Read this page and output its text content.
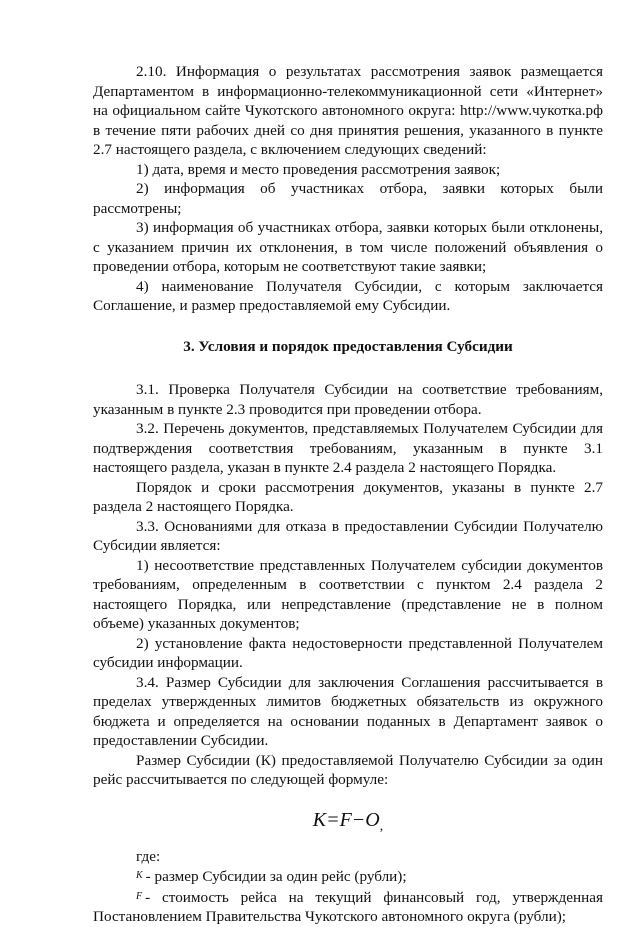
2.10. Информация о результатах рассмотрения заявок размещается Департаментом в информационно-телекоммуникационной сети «Интернет» на официальном сайте Чукотского автономного округа: http://www.чукотка.рф в течение пяти рабочих дней со дня принятия решения, указанного в пункте 2.7 настоящего раздела, с включением следующих сведений:

1) дата, время и место проведения рассмотрения заявок;

2) информация об участниках отбора, заявки которых были рассмотрены;

3) информация об участниках отбора, заявки которых были отклонены, с указанием причин их отклонения, в том числе положений объявления о проведении отбора, которым не соответствуют такие заявки;

4) наименование Получателя Субсидии, с которым заключается Соглашение, и размер предоставляемой ему Субсидии.

3. Условия и порядок предоставления Субсидии

3.1. Проверка Получателя Субсидии на соответствие требованиям, указанным в пункте 2.3 проводится при проведении отбора.

3.2. Перечень документов, представляемых Получателем Субсидии для подтверждения соответствия требованиям, указанным в пункте 3.1 настоящего раздела, указан в пункте 2.4 раздела 2 настоящего Порядка.

Порядок и сроки рассмотрения документов, указаны в пункте 2.7 раздела 2 настоящего Порядка.

3.3. Основаниями для отказа в предоставлении Субсидии Получателю Субсидии является:

1) несоответствие представленных Получателем субсидии документов требованиям, определенным в соответствии с пунктом 2.4 раздела 2 настоящего Порядка, или непредставление (представление не в полном объеме) указанных документов;

2) установление факта недостоверности представленной Получателем субсидии информации.

3.4. Размер Субсидии для заключения Соглашения рассчитывается в пределах утвержденных лимитов бюджетных обязательств из окружного бюджета и определяется на основании поданных в Департамент заявок о предоставлении Субсидии.

Размер Субсидии (К) предоставляемой Получателю Субсидии за один рейс рассчитывается по следующей формуле:

$K=F-O_,$

где:

K - размер Субсидии за один рейс (рубли);

F - стоимость рейса на текущий финансовый год, утвержденная Постановлением Правительства Чукотского автономного округа (рубли);
